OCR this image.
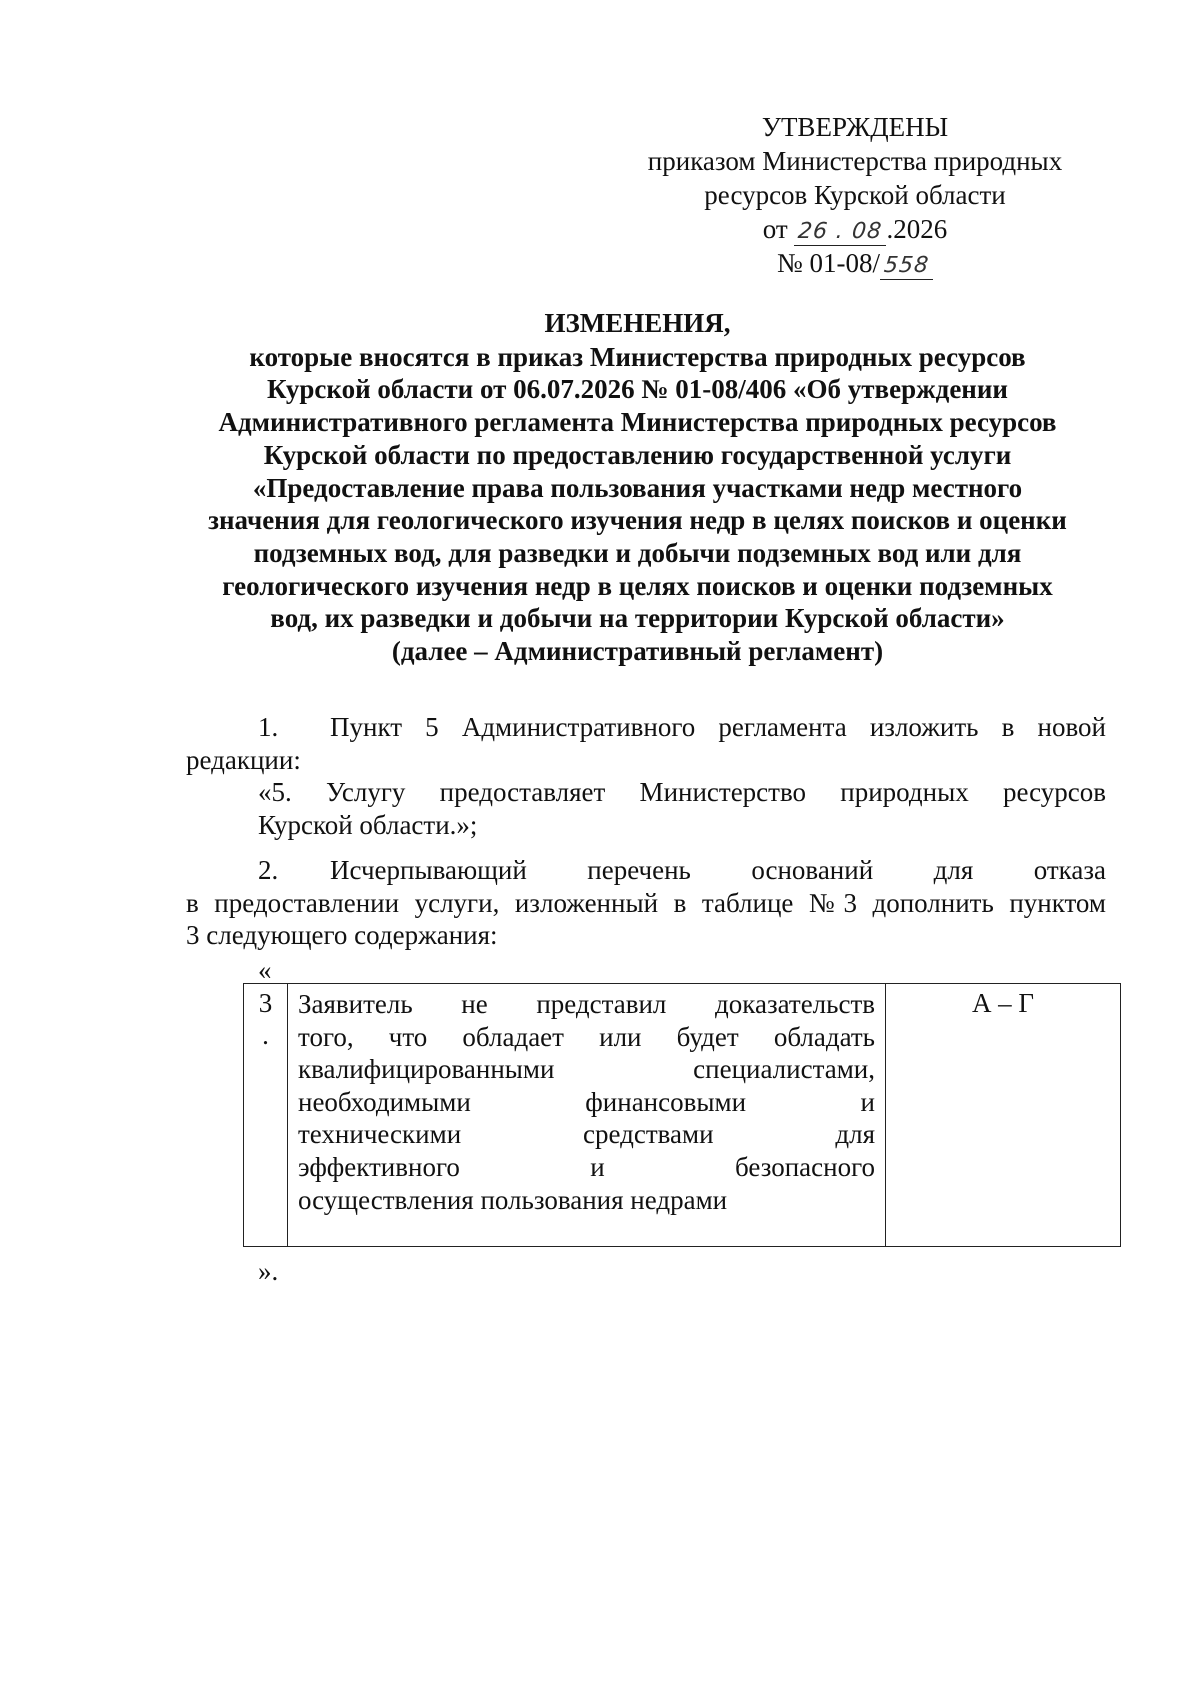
УТВЕРЖДЕНЫ
приказом Министерства природных
ресурсов Курской области
от 26 . 08.2026
№ 01-08/ 558
ИЗМЕНЕНИЯ,
которые вносятся в приказ Министерства природных ресурсов
Курской области от 06.07.2026 № 01-08/406 «Об утверждении
Административного регламента Министерства природных ресурсов
Курской области по предоставлению государственной услуги
«Предоставление права пользования участками недр местного
значения для геологического изучения недр в целях поисков и оценки
подземных вод, для разведки и добычи подземных вод или для
геологического изучения недр в целях поисков и оценки подземных
вод, их разведки и добычи на территории Курской области»
(далее – Административный регламент)
1. Пункт 5 Административного регламента изложить в новой
редакции:
«5. Услугу предоставляет Министерство природных ресурсов
Курской области.»;
2.	Исчерпывающий перечень оснований для отказа
в предоставлении услуги, изложенный в таблице №3 дополнить пунктом
3 следующего содержания:
«
3
.
Заявитель не представил доказательств
того, что обладает или будет обладать
квалифицированными специалистами,
необходимыми финансовыми и
техническими средствами для
эффективного и безопасного
осуществления пользования недрами
А – Г
».
